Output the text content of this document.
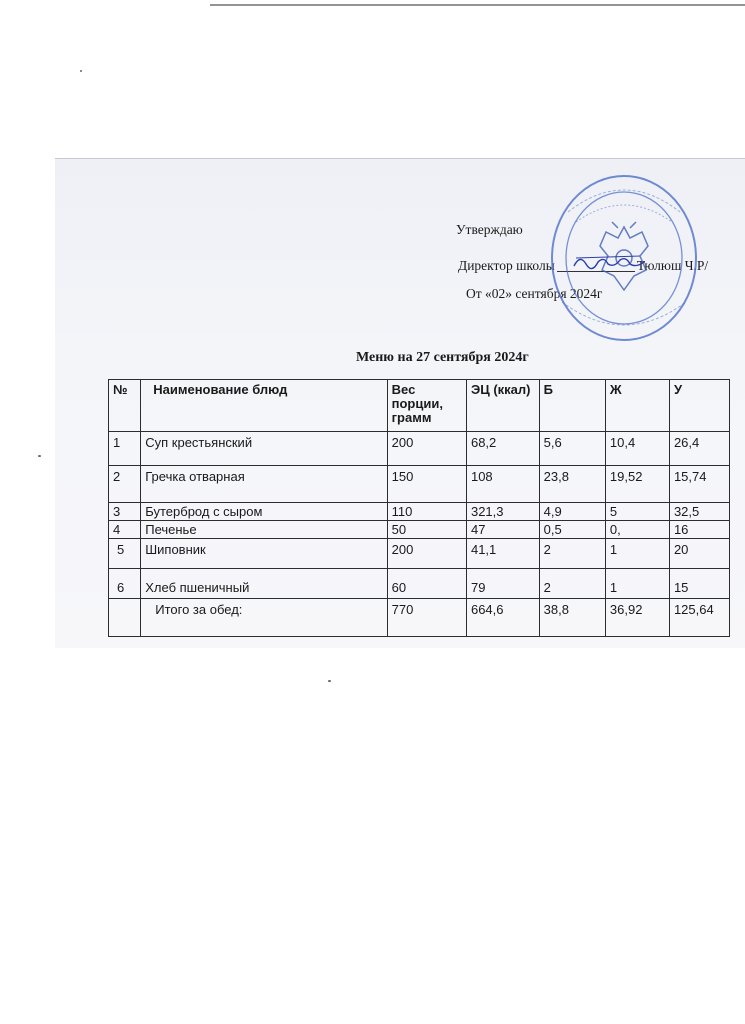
Утверждаю
Директор школы	Тюлюш Ч.Р/
От «02» сентября 2024г
Меню на 27 сентября 2024г
№	Наименование блюд	Вес порции, грамм	ЭЦ (ккал)	Б	Ж	У
1	Суп крестьянский	200	68,2	5,6	10,4	26,4
2	Гречка отварная	150	108	23,8	19,52	15,74
3	Бутерброд с сыром	110	321,3	4,9	5	32,5
4	Печенье	50	47	0,5	0,	16
5	Шиповник	200	41,1	2	1	20
6	Хлеб пшеничный	60	79	2	1	15
	Итого за обед:	770	664,6	38,8	36,92	125,64
